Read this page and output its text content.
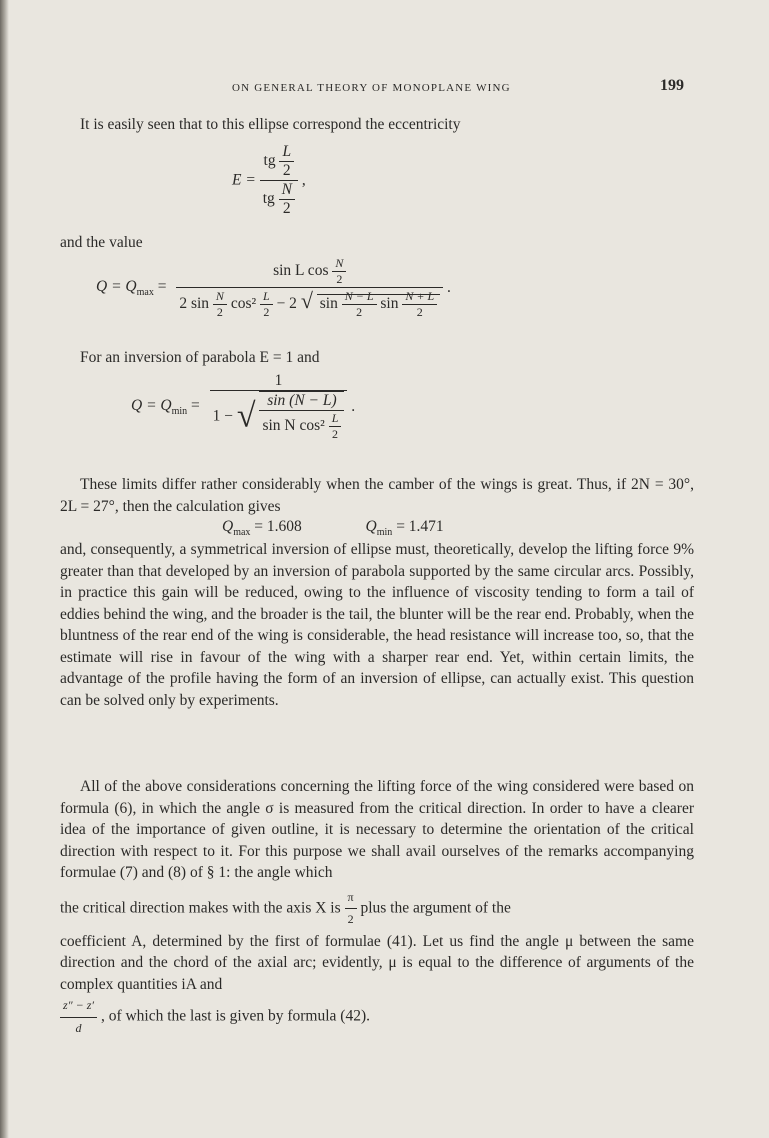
ON GENERAL THEORY OF MONOPLANE WING	199

It is easily seen that to this ellipse correspond the eccentricity

$E = \frac{tg \frac{L}{2}}{tg \frac{N}{2}}$ ,

and the value

$Q = Q_{max}$ =
sin L $\cos \frac{N}{2}$
2 $\sin \frac{N}{2} \cos^2 \frac{L}{2} - 2$ √ $\sin \frac{N - L}{2}$ $\sin \frac{N + L}{2}$
.

For an inversion of parabola E = 1 and

$Q = Q_{min}$ =
1
1 − √ $\frac{\sin (N - L)}{\sin N \cos^2 \frac{L}{2}}$ .

These limits differ rather considerably when the camber of the wings is great. Thus, if 2N = 30°, 2L = 27°, then the calculation gives

$Q_{max} = 1.608$	$Q_{min} = 1.471$

and, consequently, a symmetrical inversion of ellipse must, theoretically, develop the lifting force 9% greater than that developed by an inversion of parabola supported by the same circular arcs. Possibly, in practice this gain will be reduced, owing to the influence of viscosity tending to form a tail of eddies behind the wing, and the broader is the tail, the blunter will be the rear end. Probably, when the bluntness of the rear end of the wing is considerable, the head resistance will increase too, so, that the estimate will rise in favour of the wing with a sharper rear end. Yet, within certain limits, the advantage of the profile having the form of an inversion of ellipse, can actually exist. This question can be solved only by experiments.

All of the above considerations concerning the lifting force of the wing considered were based on formula (6), in which the angle σ is measured from the critical direction. In order to have a clearer idea of the importance of given outline, it is necessary to determine the orientation of the critical direction with respect to it. For this purpose we shall avail ourselves of the remarks accompanying formulae (7) and (8) of § 1: the angle which

the critical direction makes with the axis X is $\frac{\pi}{2}$ plus the argument of the

coefficient A, determined by the first of formulae (41). Let us find the angle μ between the same direction and the chord of the axial arc; evidently, μ is equal to the difference of arguments of the complex quantities iA and

$\frac{z'' - z'}{d}$ , of which the last is given by formula (42).
